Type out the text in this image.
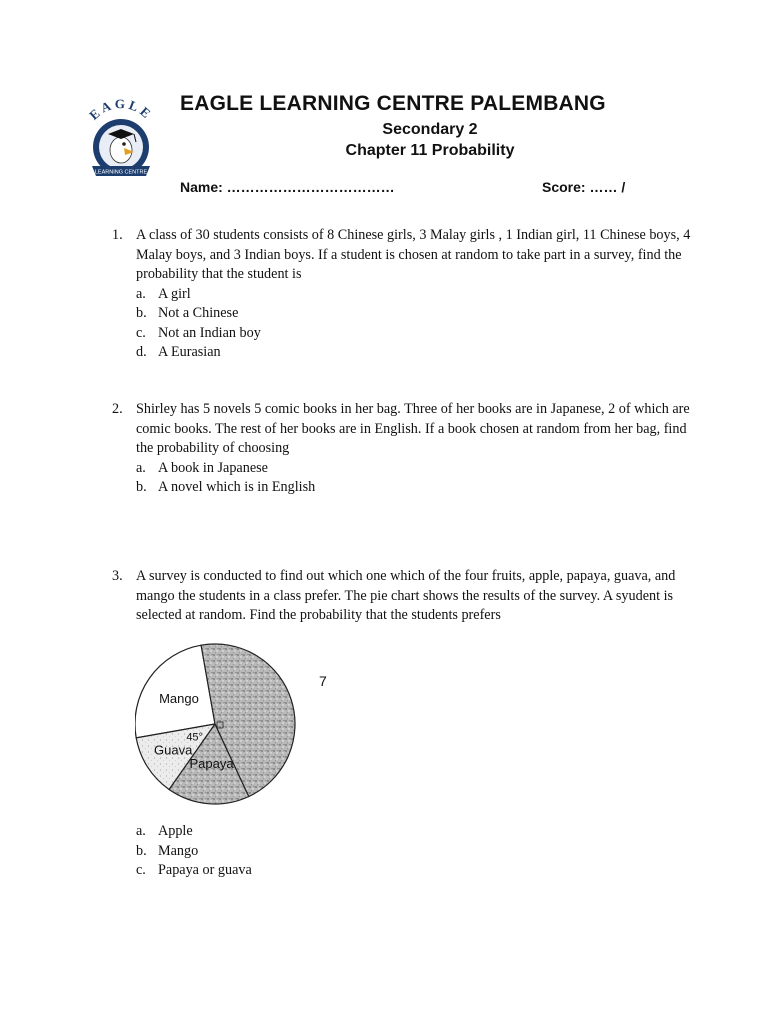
EAGLE
LEARNING CENTRE
EAGLE LEARNING CENTRE PALEMBANG
Secondary 2
Chapter 11 Probability
Name: ………………………………	Score: …… /
1. A class of 30 students consists of 8 Chinese girls, 3 Malay girls , 1 Indian girl, 11 Chinese boys, 4 Malay boys, and 3 Indian boys. If a student is chosen at random to take part in a survey, find the probability that the student is
a. A girl
b. Not a Chinese
c. Not an Indian boy
d. A Eurasian
2. Shirley has 5 novels 5 comic books in her bag. Three of her books are in Japanese, 2 of which are comic books. The rest of her books are in English. If a book chosen at random from her bag, find the probability of choosing
a. A book in Japanese
b. A novel which is in English
3. A survey is conducted to find out which one which of the four fruits, apple, papaya, guava, and mango the students in a class prefer. The pie chart shows the results of the survey. A syudent is selected at random. Find the probability that the students prefers
Mango
Guava
Papaya
45°
7
a. Apple
b. Mango
c. Papaya or guava
